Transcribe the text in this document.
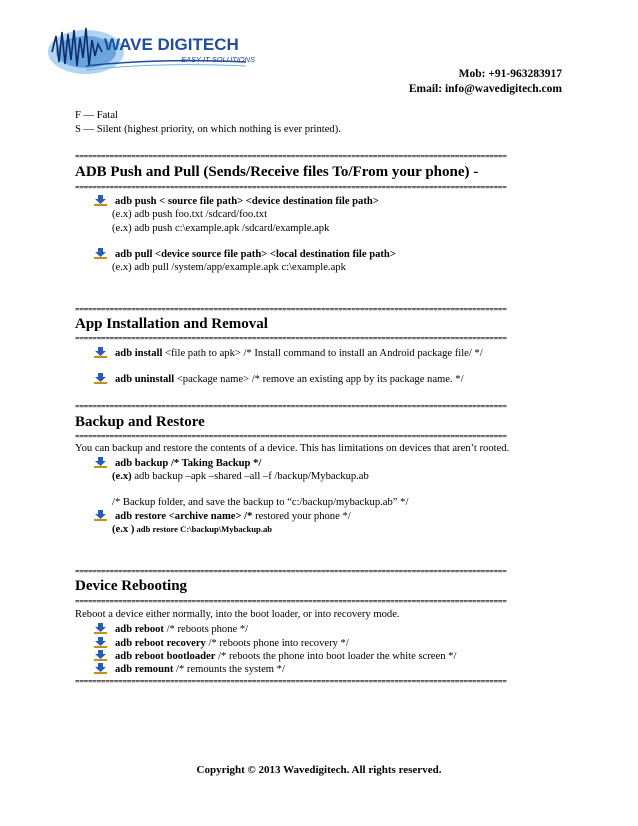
WAVE DIGITECH
EASY IT SOLUTIONS
Mob: +91-963283917
Email: info@wavedigitech.com
F — Fatal
S — Silent (highest priority, on which nothing is ever printed).
====================================================================================================
ADB Push and Pull (Sends/Receive files To/From your phone) -
====================================================================================================
adb push < source file path> <device destination file path>
(e.x) adb push foo.txt /sdcard/foo.txt
(e.x) adb push c:\example.apk /sdcard/example.apk
adb pull <device source file path> <local destination file path>
(e.x) adb pull /system/app/example.apk c:\example.apk
====================================================================================================
App Installation and Removal
====================================================================================================
adb install <file path to apk> /* Install command to install an Android package file/ */
adb uninstall <package name> /* remove an existing app by its package name. */
====================================================================================================
Backup and Restore
====================================================================================================
You can backup and restore the contents of a device. This has limitations on devices that aren’t rooted.
adb backup /* Taking Backup */
(e.x) adb backup –apk –shared –all –f /backup/Mybackup.ab
/* Backup folder, and save the backup to “c:/backup/mybackup.ab” */
adb restore <archive name> /* restored your phone */
(e.x ) adb restore C:\backup\Mybackup.ab
====================================================================================================
Device Rebooting
====================================================================================================
Reboot a device either normally, into the boot loader, or into recovery mode.
adb reboot /* reboots phone */
adb reboot recovery /* reboots phone into recovery */
adb reboot bootloader /* reboots the phone into boot loader the white screen */
adb remount /* remounts the system */
====================================================================================================
Copyright © 2013 Wavedigitech. All rights reserved.
